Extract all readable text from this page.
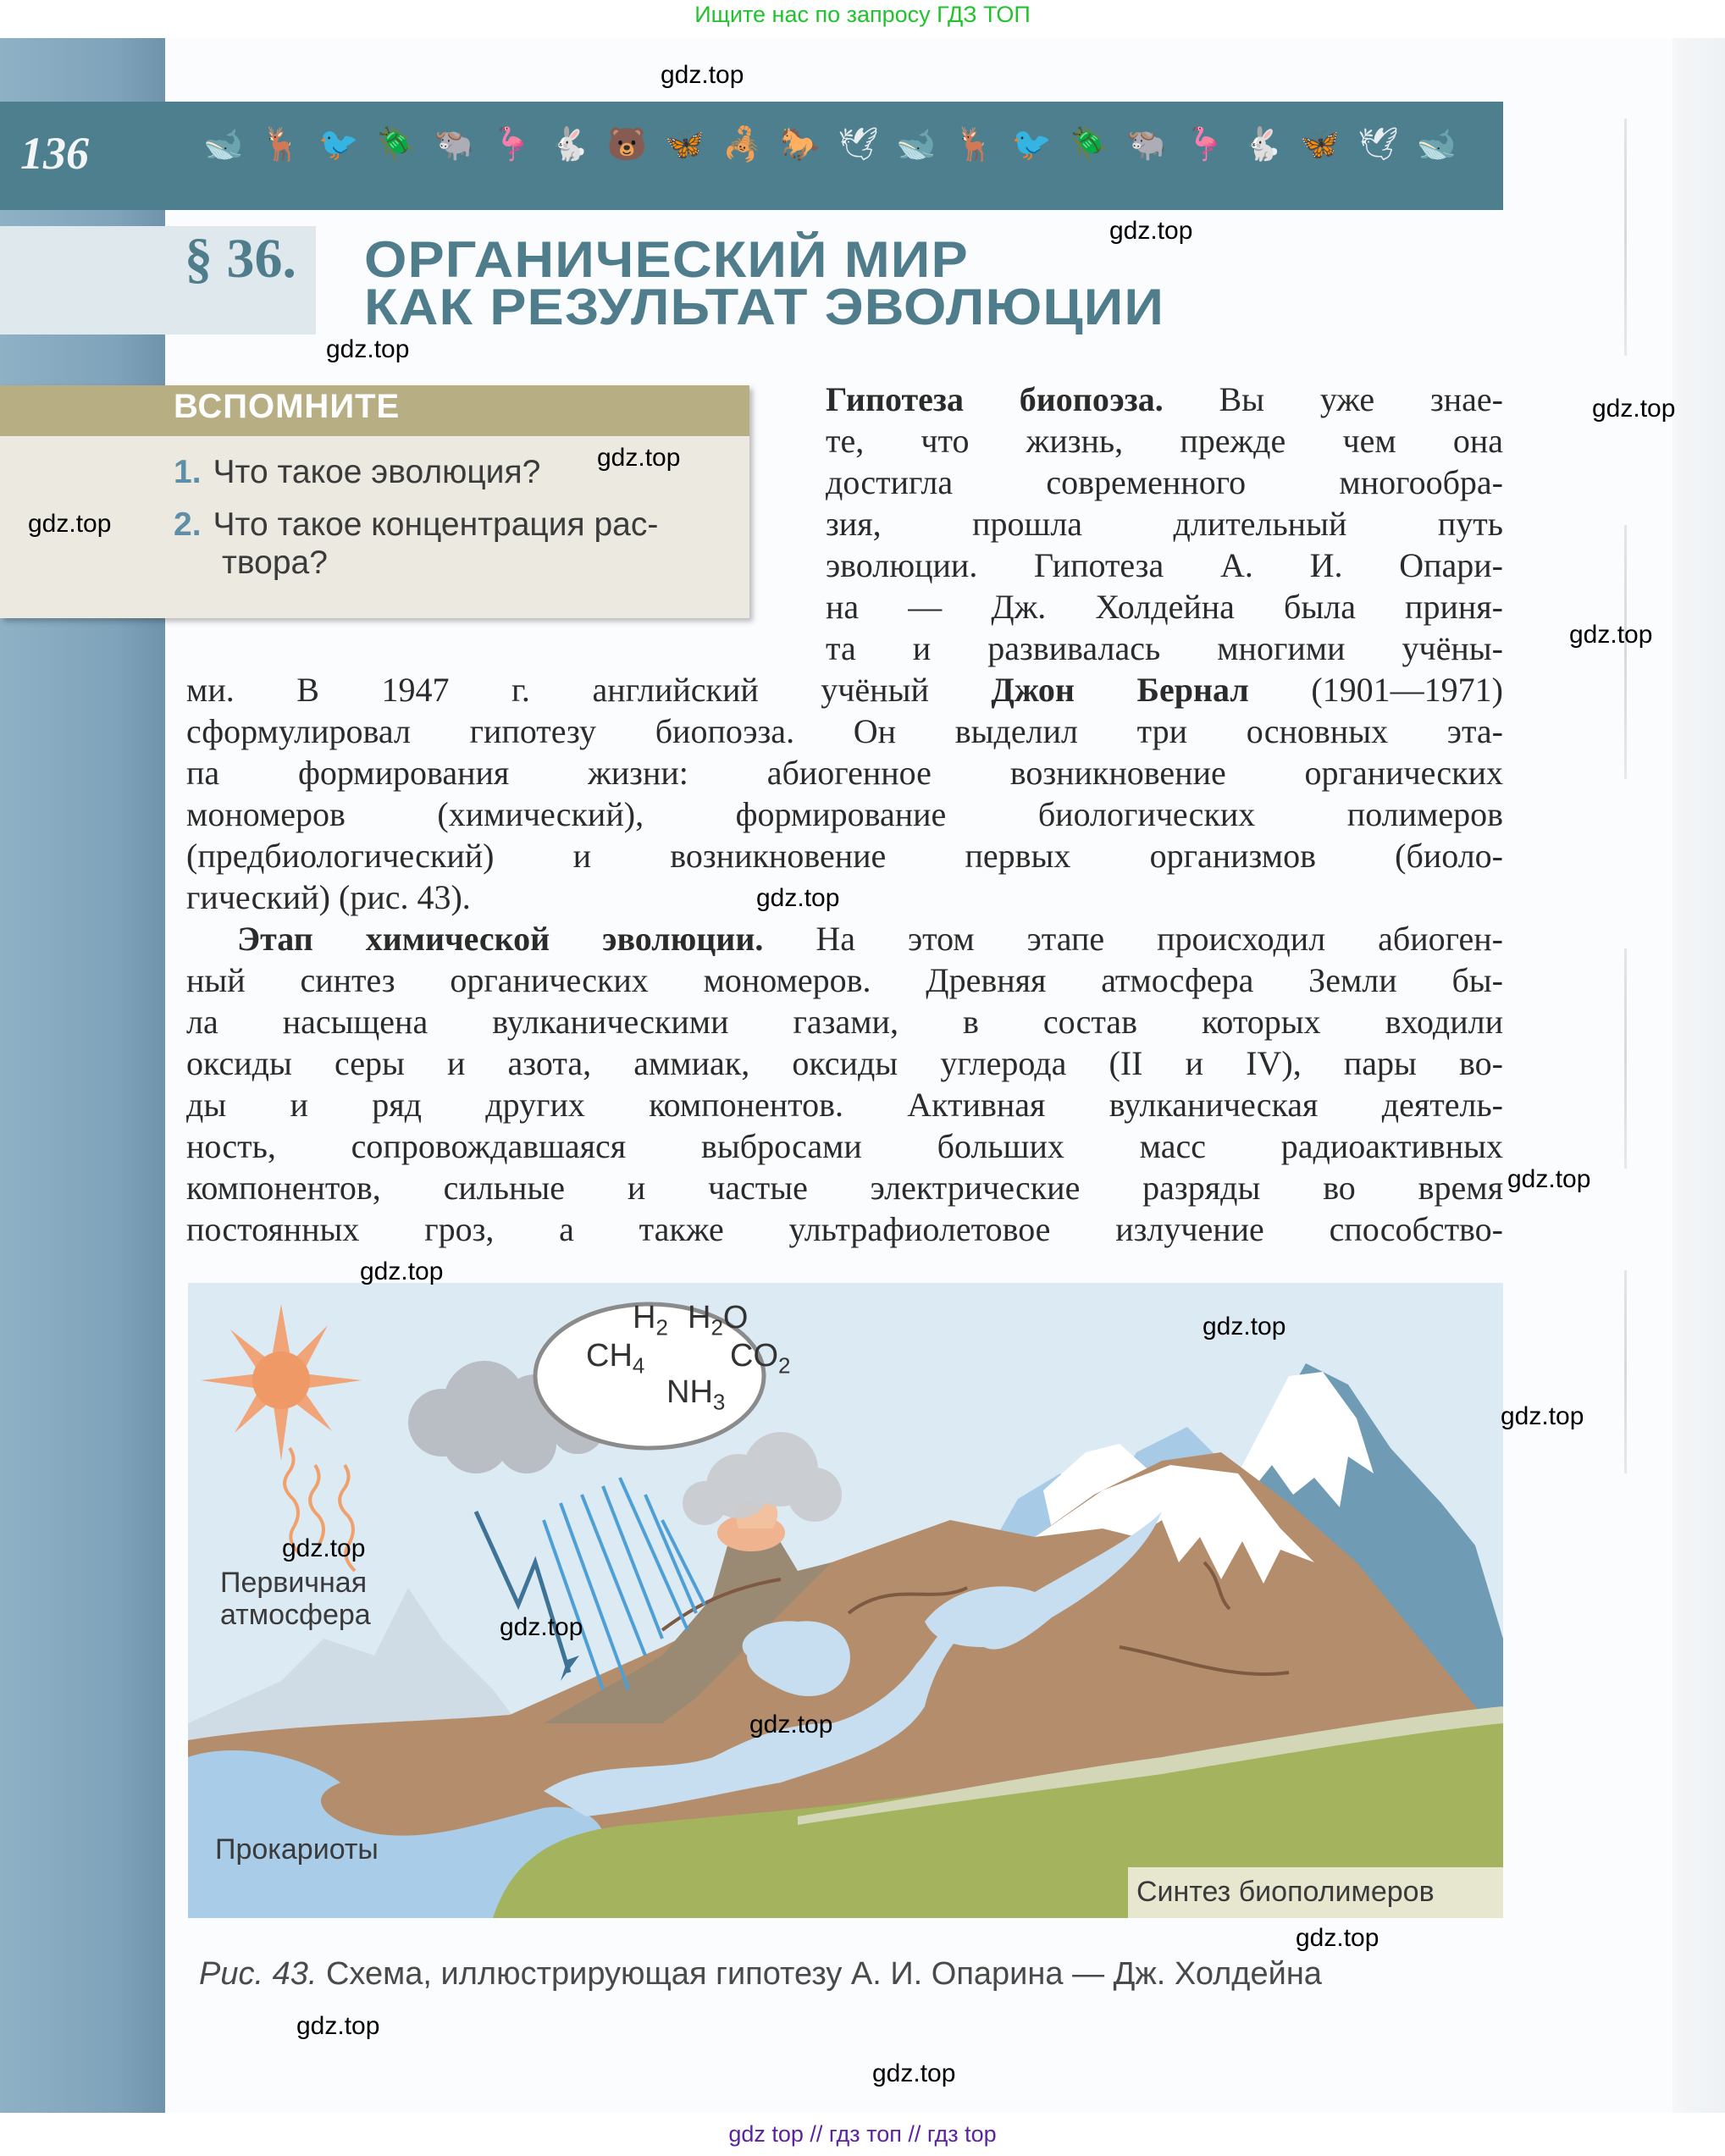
Ищите нас по запросу ГДЗ ТОП
136	🐋 🦌 🐦 🪲 🐃 🦩 🐇 🐻 🦋 🦂 🐎 🕊 🐋 🦌 🐦 🪲 🐃 🦩 🐇 🦋 🕊 🐋
§ 36. ОРГАНИЧЕСКИЙ МИР
КАК РЕЗУЛЬТАТ ЭВОЛЮЦИИ
ВСПОМНИТЕ
1. Что такое эволюция?
2. Что такое концентрация рас-
твора?
Гипотеза биопоэза. Вы уже знае-
те, что жизнь, прежде чем она
достигла современного многообра-
зия, прошла длительный путь
эволюции. Гипотеза А. И. Опари-
на — Дж. Холдейна была приня-
та и развивалась многими учёны-
ми. В 1947 г. английский учёный Джон Бернал (1901—1971)
сформулировал гипотезу биопоэза. Он выделил три основных эта-
па формирования жизни: абиогенное возникновение органических
мономеров (химический), формирование биологических полимеров
(предбиологический) и возникновение первых организмов (биоло-
гический) (рис. 43).
Этап химической эволюции. На этом этапе происходил абиоген-
ный синтез органических мономеров. Древняя атмосфера Земли бы-
ла насыщена вулканическими газами, в состав которых входили
оксиды серы и азота, аммиак, оксиды углерода (II и IV), пары во-
ды и ряд других компонентов. Активная вулканическая деятель-
ность, сопровождавшаяся выбросами больших масс радиоактивных
компонентов, сильные и частые электрические разряды во время
постоянных гроз, а также ультрафиолетовое излучение способство-
$H_2$ $H_2O$
$CH_4$	$CO_2$
$NH_3$
Первичная
атмосфера
Прокариоты
Синтез биополимеров
Рис. 43. Схема, иллюстрирующая гипотезу А. И. Опарина — Дж. Холдейна
gdz.top
gdz.top
gdz.top
gdz.top
gdz.top
gdz.top
gdz.top
gdz.top
gdz.top
gdz.top
gdz.top
gdz.top
gdz.top
gdz.top
gdz.top
gdz.top
gdz.top
gdz.top
gdz top // гдз топ // гдз top
